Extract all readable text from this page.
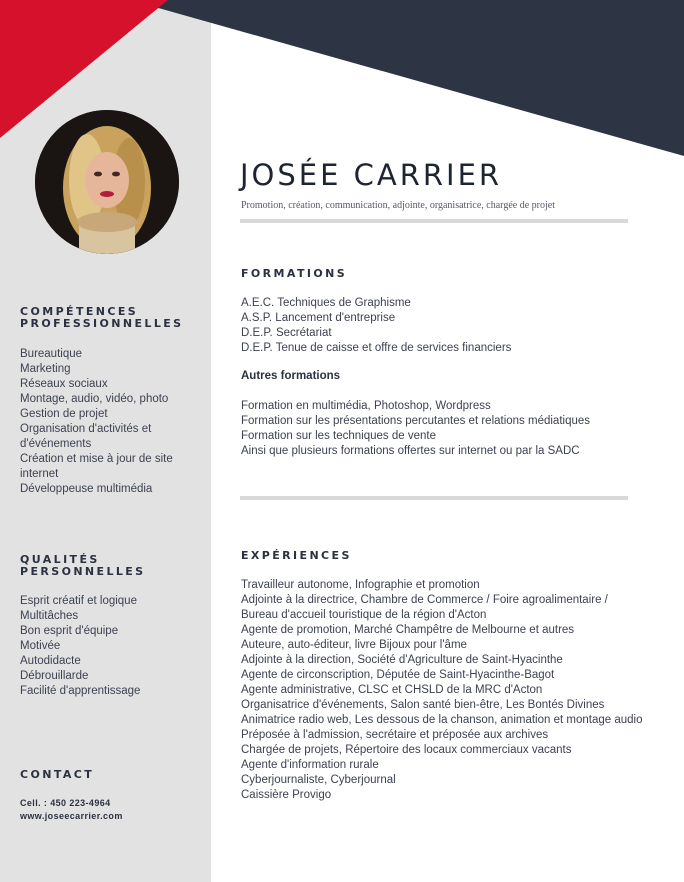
JOSÉE CARRIER
Promotion, création, communication, adjointe, organisatrice, chargée de projet
COMPÉTENCES
PROFESSIONNELLES
Bureautique
Marketing
Réseaux sociaux
Montage, audio, vidéo, photo
Gestion de projet
Organisation d'activités et
d'événements
Création et mise à jour de site
internet
Développeuse multimédia
QUALITÉS
PERSONNELLES
Esprit créatif et logique
Multitâches
Bon esprit d'équipe
Motivée
Autodidacte
Débrouillarde
Facilité d'apprentissage
CONTACT
Cell. : 450 223-4964
www.joseecarrier.com
FORMATIONS
A.E.C. Techniques de Graphisme
A.S.P. Lancement d'entreprise
D.E.P. Secrétariat
D.E.P. Tenue de caisse et offre de services financiers
Autres formations
Formation en multimédia, Photoshop, Wordpress
Formation sur les présentations percutantes et relations médiatiques
Formation sur les techniques de vente
Ainsi que plusieurs formations offertes sur internet ou par la SADC
EXPÉRIENCES
Travailleur autonome, Infographie et promotion
Adjointe à la directrice, Chambre de Commerce / Foire agroalimentaire /
Bureau d'accueil touristique de la région d'Acton
Agente de promotion, Marché Champêtre de Melbourne et autres
Auteure, auto-éditeur, livre Bijoux pour l'âme
Adjointe à la direction, Société d'Agriculture de Saint-Hyacinthe
Agente de circonscription, Députée de Saint-Hyacinthe-Bagot
Agente administrative, CLSC et CHSLD de la MRC d'Acton
Organisatrice d'événements, Salon santé bien-être, Les Bontés Divines
Animatrice radio web, Les dessous de la chanson, animation et montage audio
Préposée à l'admission, secrétaire et préposée aux archives
Chargée de projets, Répertoire des locaux commerciaux vacants
Agente d'information rurale
Cyberjournaliste, Cyberjournal
Caissière Provigo
